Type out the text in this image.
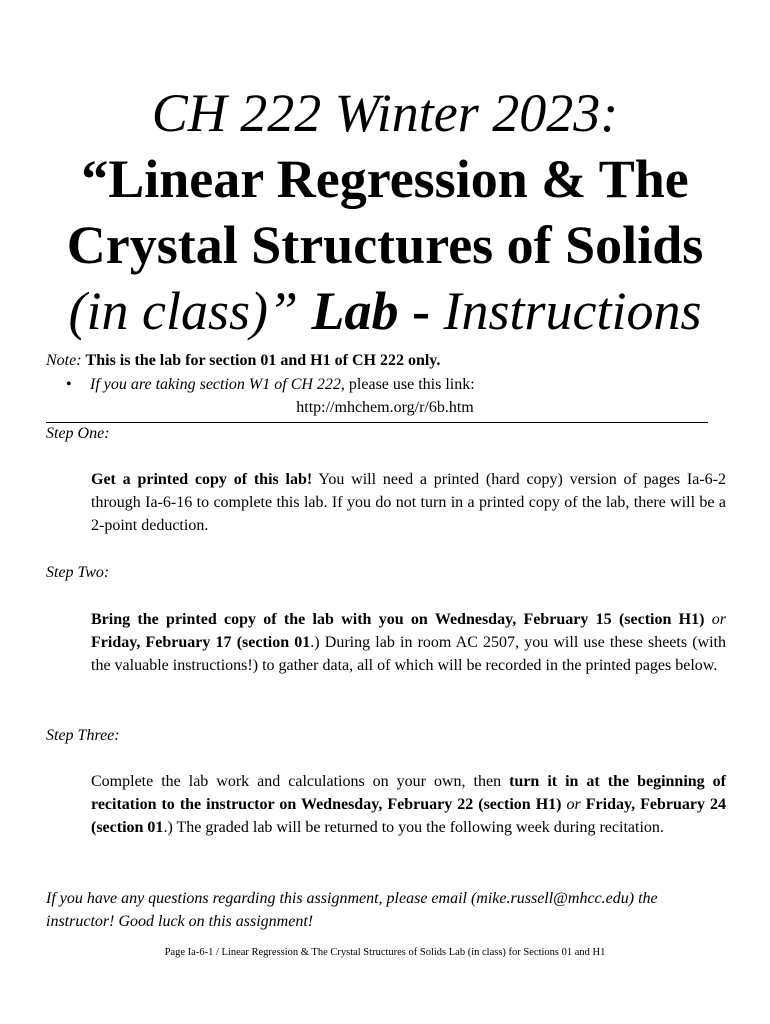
CH 222 Winter 2023:
“Linear Regression & The
Crystal Structures of Solids
(in class)” Lab - Instructions
Note: This is the lab for section 01 and H1 of CH 222 only.
• If you are taking section W1 of CH 222, please use this link:
http://mhchem.org/r/6b.htm
Step One:
Get a printed copy of this lab! You will need a printed (hard copy) version of pages Ia-6-2 through Ia-6-16 to complete this lab. If you do not turn in a printed copy of the lab, there will be a 2-point deduction.
Step Two:
Bring the printed copy of the lab with you on Wednesday, February 15 (section H1) or Friday, February 17 (section 01.) During lab in room AC 2507, you will use these sheets (with the valuable instructions!) to gather data, all of which will be recorded in the printed pages below.
Step Three:
Complete the lab work and calculations on your own, then turn it in at the beginning of recitation to the instructor on Wednesday, February 22 (section H1) or Friday, February 24 (section 01.) The graded lab will be returned to you the following week during recitation.
If you have any questions regarding this assignment, please email (mike.russell@mhcc.edu) the instructor! Good luck on this assignment!
Page Ia-6-1 / Linear Regression & The Crystal Structures of Solids Lab (in class) for Sections 01 and H1
